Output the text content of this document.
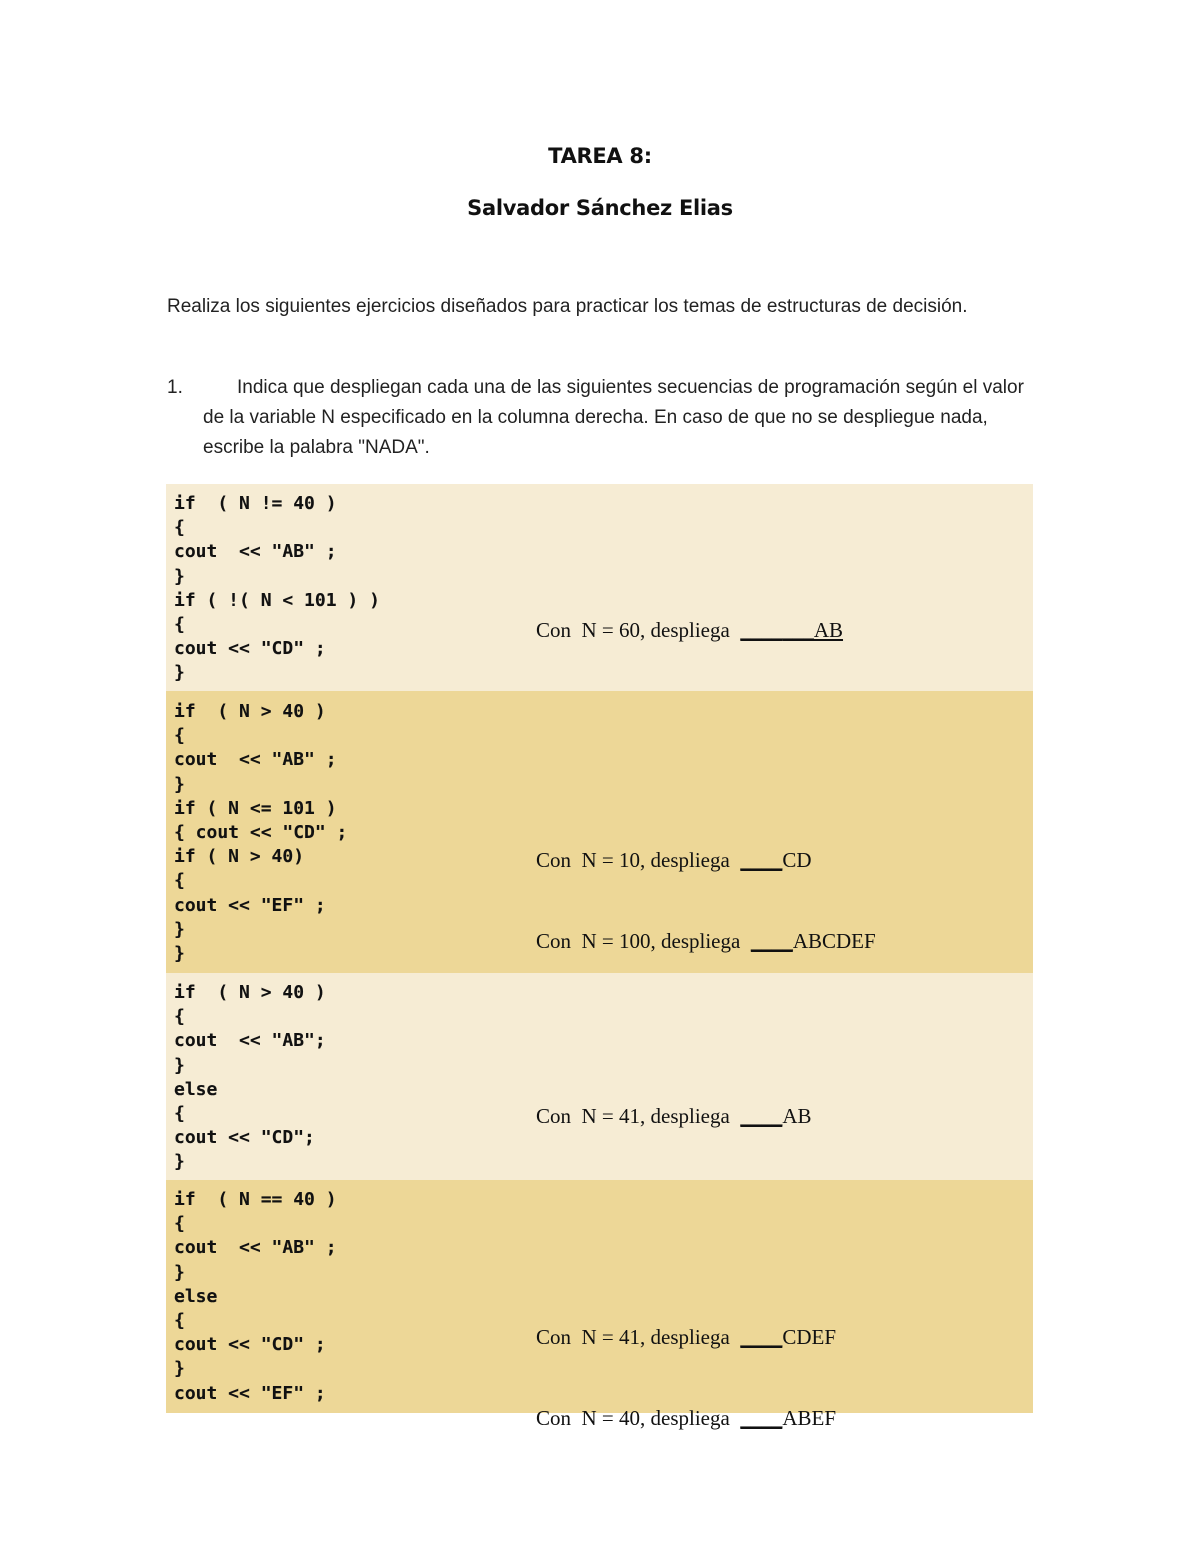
TAREA 8:
Salvador Sánchez Elias
Realiza los siguientes ejercicios diseñados para practicar los temas de estructuras de decisión.
1.	Indica que despliegan cada una de las siguientes secuencias de programación según el valor de la variable N especificado en la columna derecha. En caso de que no se despliegue nada, escribe la palabra "NADA".
if  ( N != 40 )
{
cout  << "AB" ;
}
if ( !( N < 101 ) )
{
cout << "CD" ;
}

Con  N = 60, despliega  _______AB

if  ( N > 40 )
{
cout  << "AB" ;
}
if ( N <= 101 )
{ cout << "CD" ;
if ( N > 40)
{
cout << "EF" ;
}
}

Con  N = 10, despliega  ____CD

Con  N = 100, despliega  ____ABCDEF

if  ( N > 40 )
{
cout  << "AB";
}
else
{
cout << "CD";
}

Con  N = 41, despliega  ____AB

if  ( N == 40 )
{
cout  << "AB" ;
}
else
{
cout << "CD" ;
}
cout << "EF" ;

Con  N = 41, despliega  ____CDEF

Con  N = 40, despliega  ____ABEF
